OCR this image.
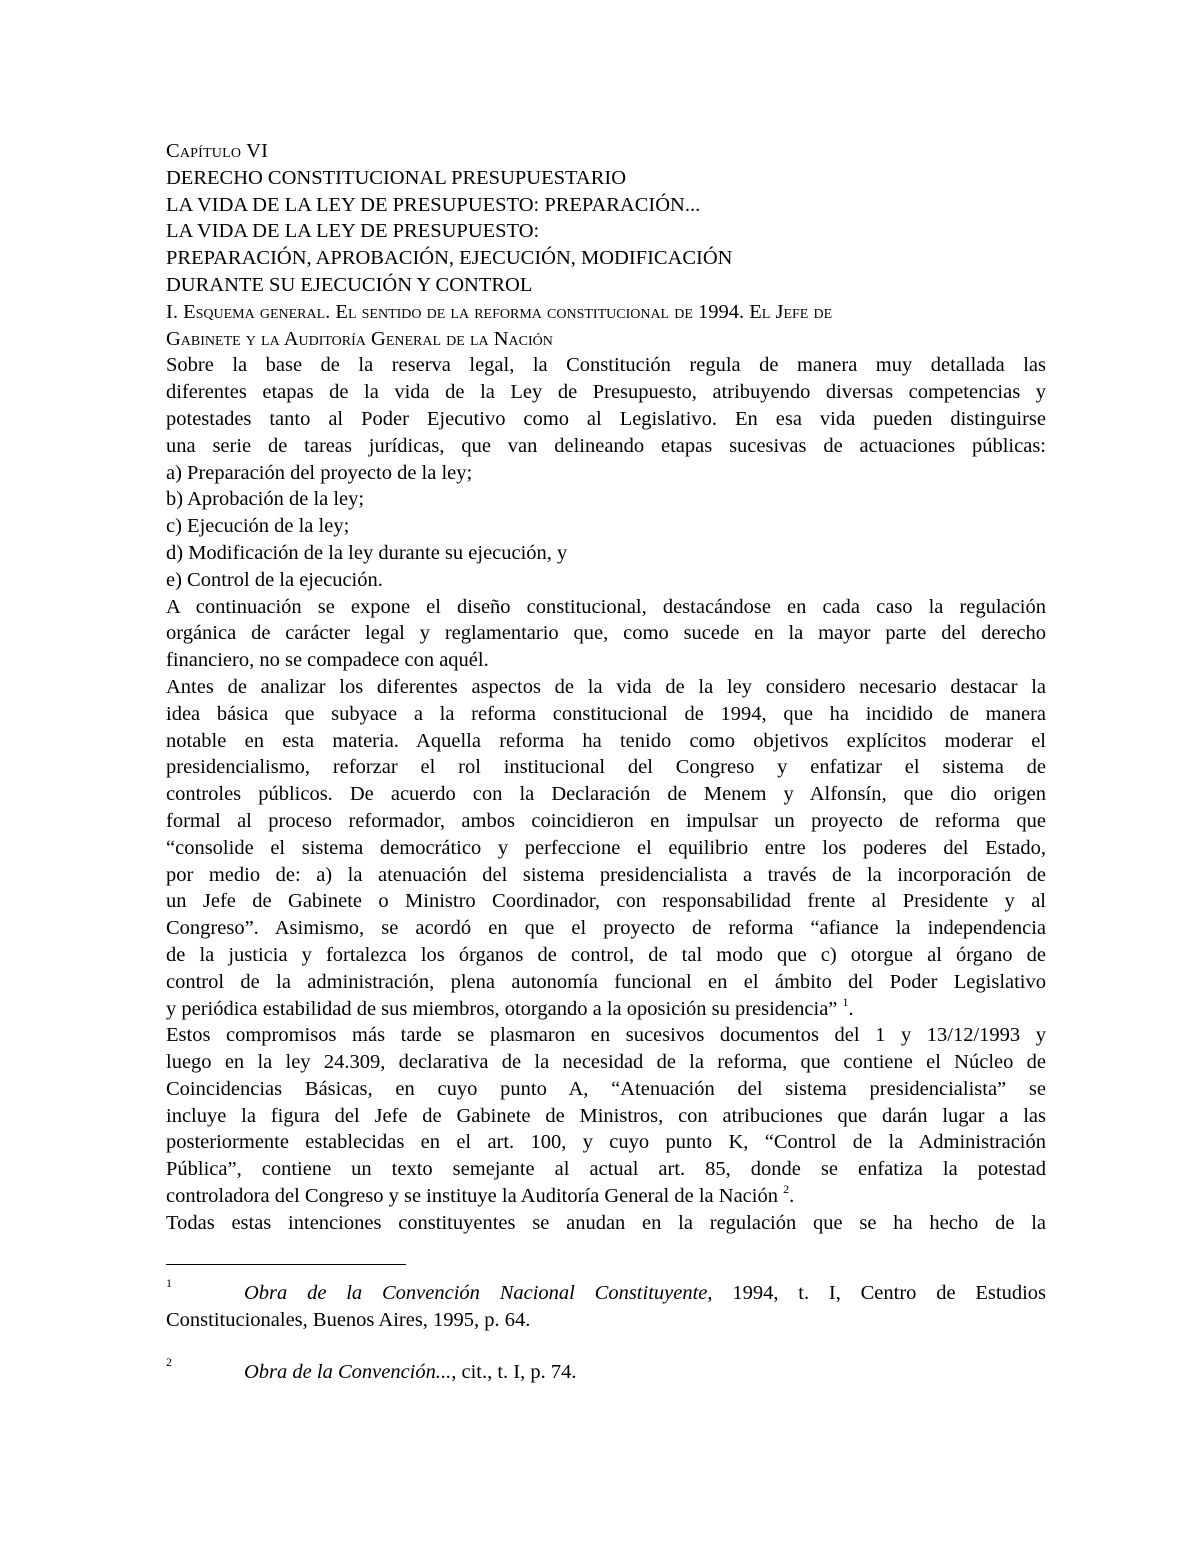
Capítulo VI
DERECHO CONSTITUCIONAL PRESUPUESTARIO
LA VIDA DE LA LEY DE PRESUPUESTO: PREPARACIÓN...
LA VIDA DE LA LEY DE PRESUPUESTO:
PREPARACIÓN, APROBACIÓN, EJECUCIÓN, MODIFICACIÓN
DURANTE SU EJECUCIÓN Y CONTROL
I. Esquema general. El sentido de la reforma constitucional de 1994. El Jefe de
Gabinete y la Auditoría General de la Nación
Sobre la base de la reserva legal, la Constitución regula de manera muy detallada las
diferentes etapas de la vida de la Ley de Presupuesto, atribuyendo diversas competencias y
potestades tanto al Poder Ejecutivo como al Legislativo. En esa vida pueden distinguirse
una serie de tareas jurídicas, que van delineando etapas sucesivas de actuaciones públicas:
a) Preparación del proyecto de la ley;
b) Aprobación de la ley;
c) Ejecución de la ley;
d) Modificación de la ley durante su ejecución, y
e) Control de la ejecución.
A continuación se expone el diseño constitucional, destacándose en cada caso la regulación
orgánica de carácter legal y reglamentario que, como sucede en la mayor parte del derecho
financiero, no se compadece con aquél.
Antes de analizar los diferentes aspectos de la vida de la ley considero necesario destacar la
idea básica que subyace a la reforma constitucional de 1994, que ha incidido de manera
notable en esta materia. Aquella reforma ha tenido como objetivos explícitos moderar el
presidencialismo, reforzar el rol institucional del Congreso y enfatizar el sistema de
controles públicos. De acuerdo con la Declaración de Menem y Alfonsín, que dio origen
formal al proceso reformador, ambos coincidieron en impulsar un proyecto de reforma que
“consolide el sistema democrático y perfeccione el equilibrio entre los poderes del Estado,
por medio de: a) la atenuación del sistema presidencialista a través de la incorporación de
un Jefe de Gabinete o Ministro Coordinador, con responsabilidad frente al Presidente y al
Congreso”. Asimismo, se acordó en que el proyecto de reforma “afiance la independencia
de la justicia y fortalezca los órganos de control, de tal modo que c) otorgue al órgano de
control de la administración, plena autonomía funcional en el ámbito del Poder Legislativo
y periódica estabilidad de sus miembros, otorgando a la oposición su presidencia” $^1$.
Estos compromisos más tarde se plasmaron en sucesivos documentos del 1 y 13/12/1993 y
luego en la ley 24.309, declarativa de la necesidad de la reforma, que contiene el Núcleo de
Coincidencias Básicas, en cuyo punto A, “Atenuación del sistema presidencialista” se
incluye la figura del Jefe de Gabinete de Ministros, con atribuciones que darán lugar a las
posteriormente establecidas en el art. 100, y cuyo punto K, “Control de la Administración
Pública”, contiene un texto semejante al actual art. 85, donde se enfatiza la potestad
controladora del Congreso y se instituye la Auditoría General de la Nación $^2$.
Todas estas intenciones constituyentes se anudan en la regulación que se ha hecho de la
1	Obra de la Convención Nacional Constituyente, 1994, t. I, Centro de Estudios
Constitucionales, Buenos Aires, 1995, p. 64.
2	Obra de la Convención..., cit., t. I, p. 74.
